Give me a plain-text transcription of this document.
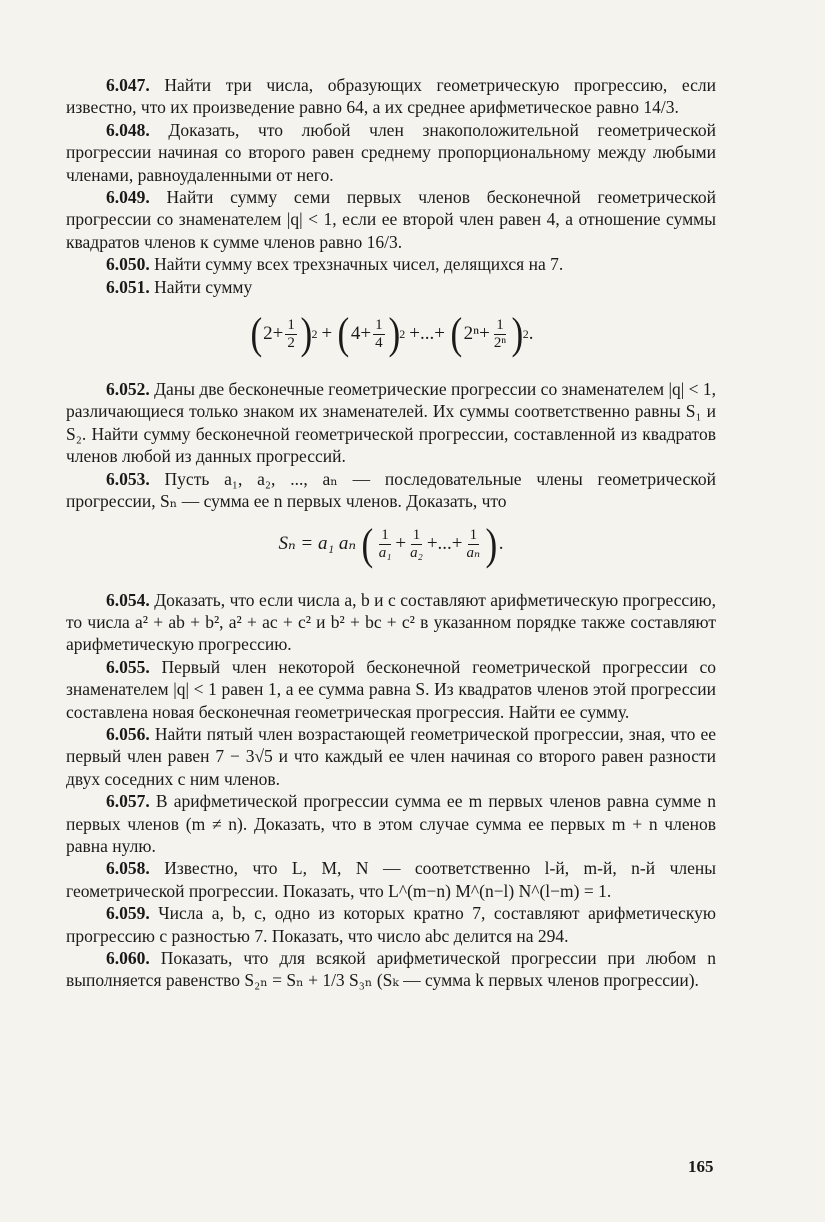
6.047. Найти три числа, образующих геометрическую прогрессию, если известно, что их произведение равно 64, а их среднее арифметическое равно 14/3.

6.048. Доказать, что любой член знакоположительной геометрической прогрессии начиная со второго равен среднему пропорциональному между любыми членами, равноудаленными от него.

6.049. Найти сумму семи первых членов бесконечной геометрической прогрессии со знаменателем |q| < 1, если ее второй член равен 4, а отношение суммы квадратов членов к сумме членов равно 16/3.

6.050. Найти сумму всех трехзначных чисел, делящихся на 7.

6.051. Найти сумму

( $2+ \frac{1}{2}$ ) 2 + ( $4+ \frac{1}{4}$ ) 2 +...+ ( $2^n+ \frac{1}{\text{2ⁿ}}$ ) 2 .

6.052. Даны две бесконечные геометрические прогрессии со знаменателем |q| < 1, различающиеся только знаком их знаменателей. Их суммы соответственно равны S₁ и S₂. Найти сумму бесконечной геометрической прогрессии, составленной из квадратов членов любой из данных прогрессий.

6.053. Пусть a₁, a₂, ..., aₙ — последовательные члены геометрической прогрессии, Sₙ — сумма ее n первых членов. Доказать, что

Sₙ = a₁ aₙ ( $\frac{1}{\text{a₁}} + \frac{1}{\text{a₂}}$ +...+ $\frac{1}{\text{aₙ}}$ ) .

6.054. Доказать, что если числа a, b и c составляют арифметическую прогрессию, то числа a² + ab + b², a² + ac + c² и b² + bc + c² в указанном порядке также составляют арифметическую прогрессию.

6.055. Первый член некоторой бесконечной геометрической прогрессии со знаменателем |q| < 1 равен 1, а ее сумма равна S. Из квадратов членов этой прогрессии составлена новая бесконечная геометрическая прогрессия. Найти ее сумму.

6.056. Найти пятый член возрастающей геометрической прогрессии, зная, что ее первый член равен 7 − 3√5 и что каждый ее член начиная со второго равен разности двух соседних с ним членов.

6.057. В арифметической прогрессии сумма ее m первых членов равна сумме n первых членов (m ≠ n). Доказать, что в этом случае сумма ее первых m + n членов равна нулю.

6.058. Известно, что L, M, N — соответственно l-й, m-й, n-й члены геометрической прогрессии. Показать, что L^(m−n) M^(n−l) N^(l−m) = 1.

6.059. Числа a, b, c, одно из которых кратно 7, составляют арифметическую прогрессию с разностью 7. Показать, что число abc делится на 294.

6.060. Показать, что для всякой арифметической прогрессии при любом n выполняется равенство S₂ₙ = Sₙ + 1/3 S₃ₙ (Sₖ — сумма k первых членов прогрессии).

165
